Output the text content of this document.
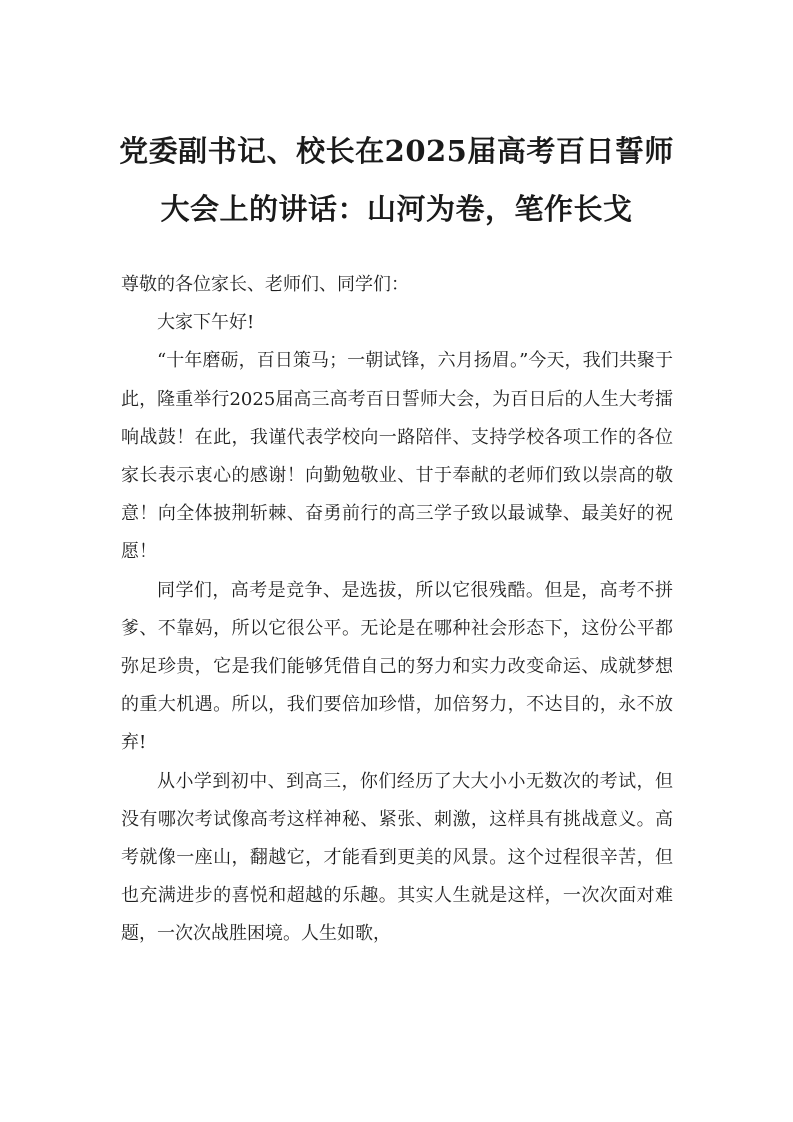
党委副书记、校长在2025届高考百日誓师大会上的讲话：山河为卷，笔作长戈

尊敬的各位家长、老师们、同学们：

大家下午好!

“十年磨砺，百日策马；一朝试锋，六月扬眉。”今天，我们共聚于此，隆重举行2025届高三高考百日誓师大会，为百日后的人生大考擂响战鼓！在此，我谨代表学校向一路陪伴、支持学校各项工作的各位家长表示衷心的感谢！向勤勉敬业、甘于奉献的老师们致以崇高的敬意！向全体披荆斩棘、奋勇前行的高三学子致以最诚挚、最美好的祝愿！

同学们，高考是竞争、是选拔，所以它很残酷。但是，高考不拼爹、不靠妈，所以它很公平。无论是在哪种社会形态下，这份公平都弥足珍贵，它是我们能够凭借自己的努力和实力改变命运、成就梦想的重大机遇。所以，我们要倍加珍惜，加倍努力，不达目的，永不放弃!

从小学到初中、到高三，你们经历了大大小小无数次的考试，但没有哪次考试像高考这样神秘、紧张、刺激，这样具有挑战意义。高考就像一座山，翻越它，才能看到更美的风景。这个过程很辛苦，但也充满进步的喜悦和超越的乐趣。其实人生就是这样，一次次面对难题，一次次战胜困境。人生如歌，
